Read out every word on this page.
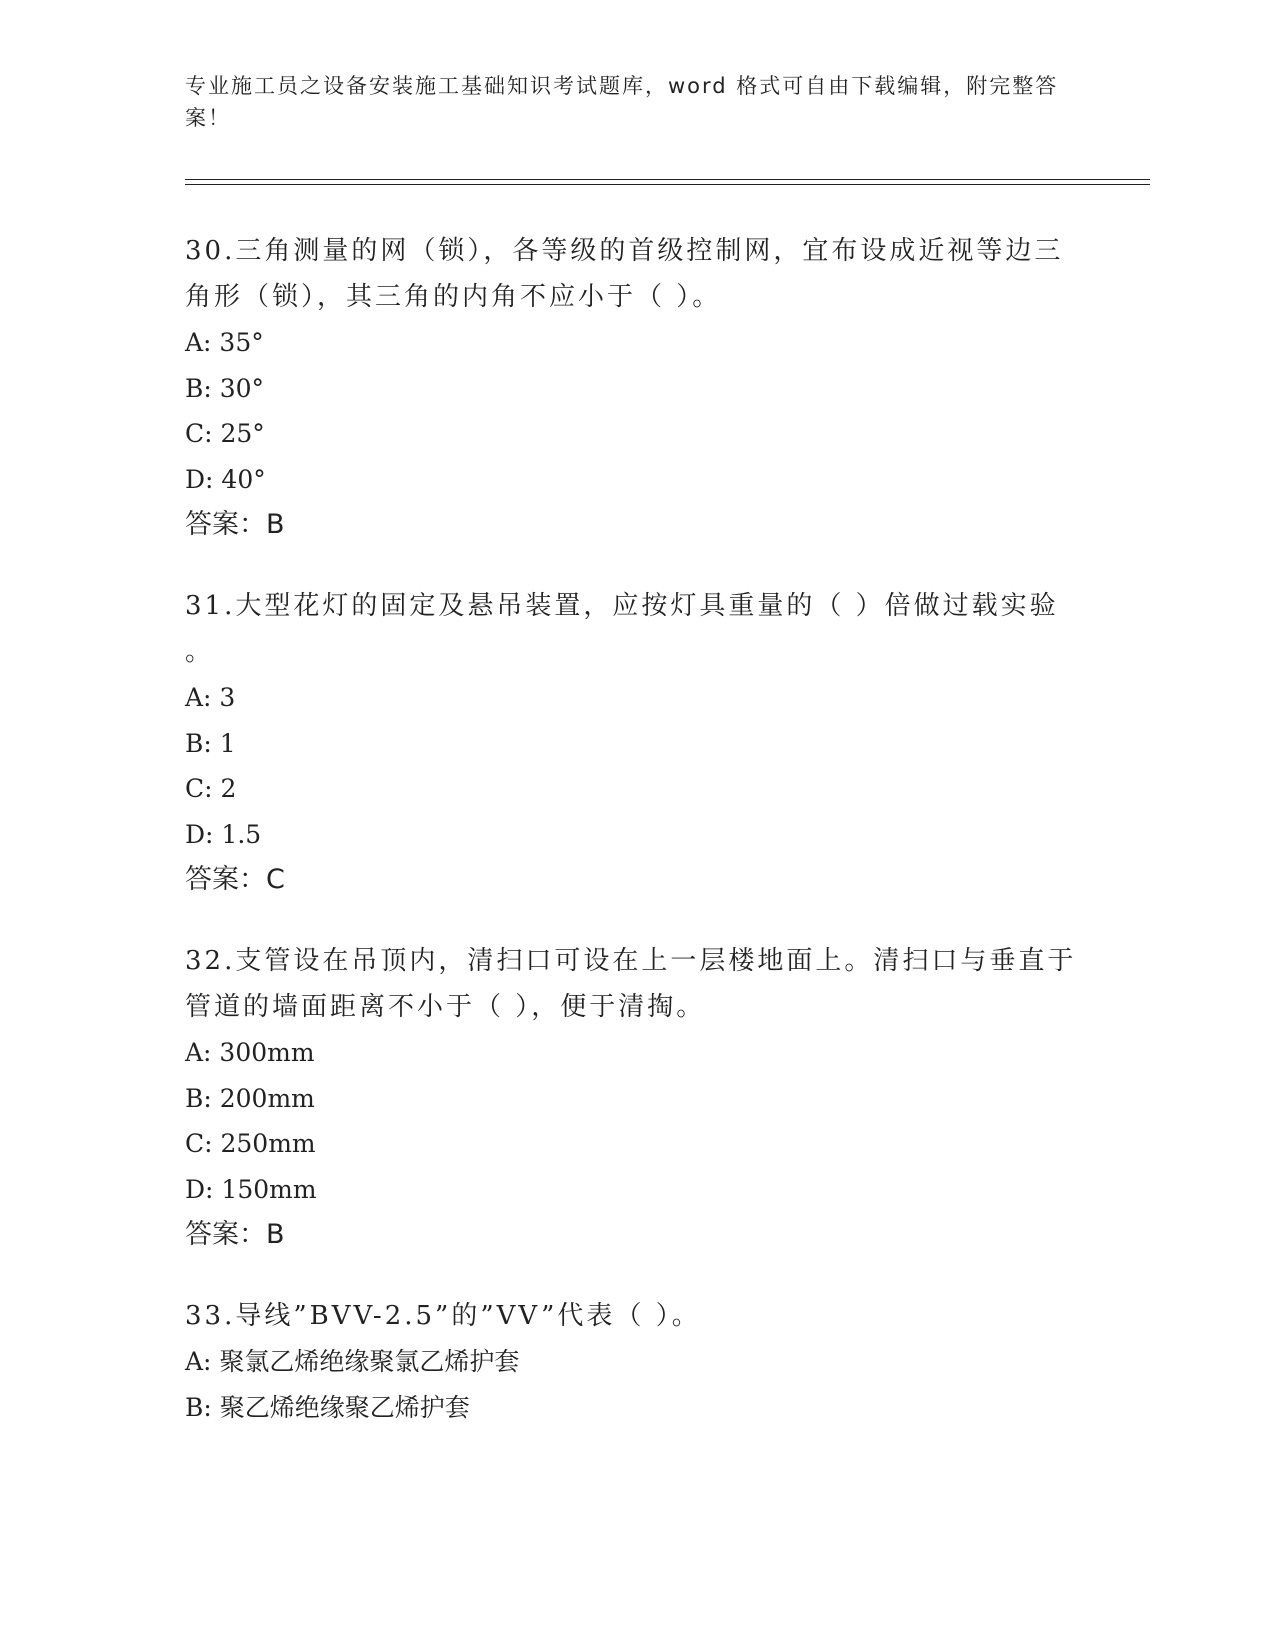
专业施工员之设备安装施工基础知识考试题库，word 格式可自由下载编辑，附完整答案！

30.三角测量的网（锁），各等级的首级控制网，宜布设成近视等边三

角形（锁），其三角的内角不应小于（ ）。

A: 35°

B: 30°

C: 25°

D: 40°

答案：B

31.大型花灯的固定及悬吊装置，应按灯具重量的（ ）倍做过载实验

。

A: 3

B: 1

C: 2

D: 1.5

答案：C

32.支管设在吊顶内，清扫口可设在上一层楼地面上。清扫口与垂直于

管道的墙面距离不小于（ ），便于清掏。

A: 300mm

B: 200mm

C: 250mm

D: 150mm

答案：B

33.导线”BVV-2.5”的”VV”代表（ ）。

A: 聚氯乙烯绝缘聚氯乙烯护套

B: 聚乙烯绝缘聚乙烯护套
